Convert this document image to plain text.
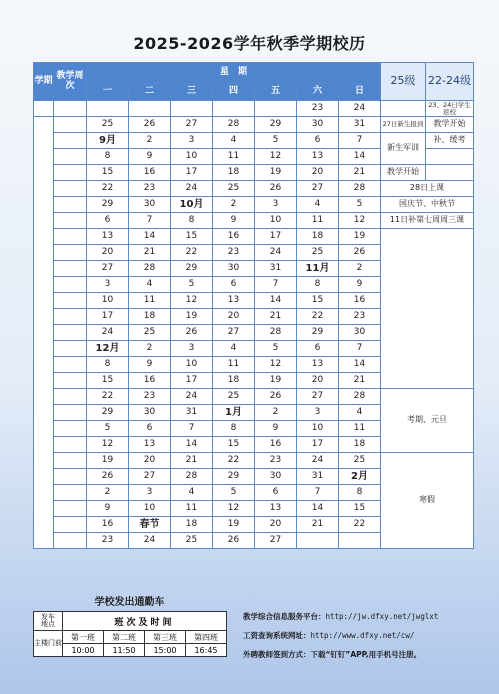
2025-2026学年秋季学期校历
学期	教学周次	星　期							25级	22-24级
		一	二	三	四	五	六	日		
							23	24		23、24日学生返校
秋

季

学

期	一	25	26	27	28	29	30	31	27日新生报到	教学开始
	二	9月	2	3	4	5	6	7	新生军训	补、缓考
	三	8	9	10	11	12	13	14		
	四	15	16	17	18	19	20	21	教学开始	
	五	22	23	24	25	26	27	28	28日上课	
	六	29	30	10月	2	3	4	5	国庆节、中秋节	
	七	6	7	8	9	10	11	12	11日补第七周周三课	
	八	13	14	15	16	17	18	19		
	九	20	21	22	23	24	25	26		
	十	27	28	29	30	31	11月	2		
	十一	3	4	5	6	7	8	9		
	十二	10	11	12	13	14	15	16		
	十三	17	18	19	20	21	22	23		
	十四	24	25	26	27	28	29	30		
	十五	12月	2	3	4	5	6	7		
	十六	8	9	10	11	12	13	14		
	十七	15	16	17	18	19	20	21		
	十八	22	23	24	25	26	27	28	考期、元旦	
	十九	29	30	31	1月	2	3	4		
	二十	5	6	7	8	9	10	11		
	二十一	12	13	14	15	16	17	18		
	二十二	19	20	21	22	23	24	25	寒假	
	二十三	26	27	28	29	30	31	2月		
	二十四	2	3	4	5	6	7	8		
	二十五	9	10	11	12	13	14	15		
	二十六	16	春节	18	19	20	21	22		
	二十七	23	24	25	26	27				
学校发出通勤车
发车
地点	班次及时间			
主楼门前	第一班	第二班	第三班	第四班
	10:00	11:50	15:00	16:45
教学综合信息服务平台：http://jw.dfxy.net/jwglxt
工资查询系统网址：http://www.dfxy.net/cw/
外聘教师签到方式：下载“钉钉”APP,用手机号注册。
